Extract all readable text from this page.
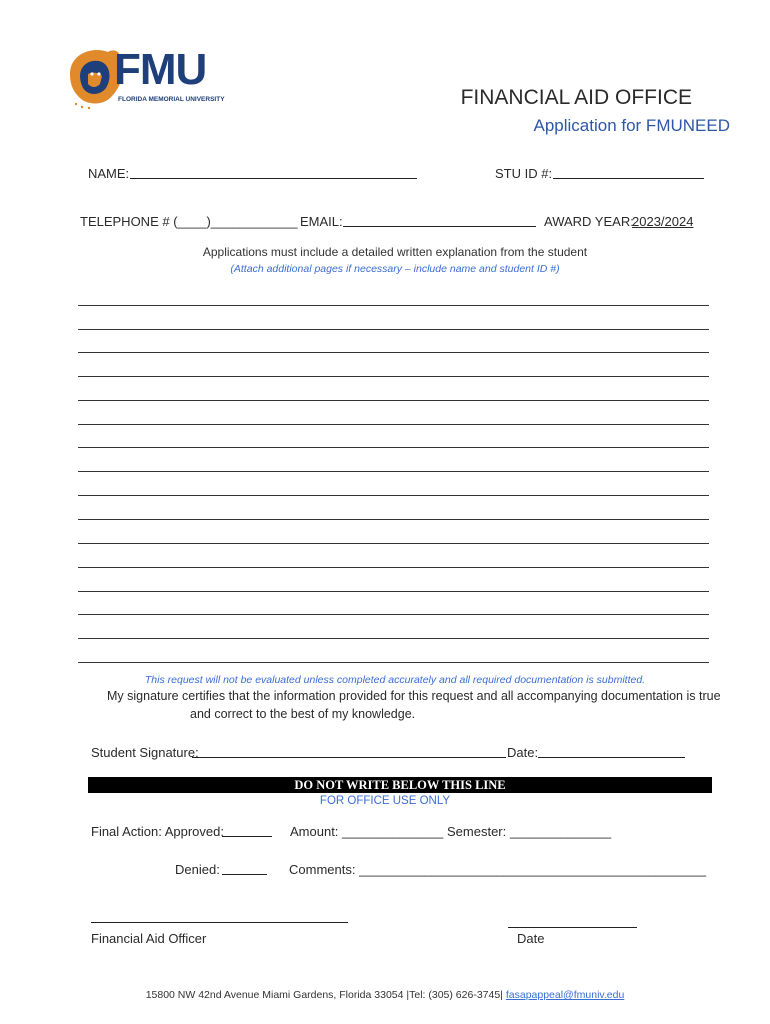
FMU
FLORIDA MEMORIAL UNIVERSITY	FINANCIAL AID OFFICE
Application for FMUNEED
NAME:	STU ID #:
TELEPHONE # (____)____________ EMAIL:	AWARD YEAR:
2023/2024
Applications must include a detailed written explanation from the student
(Attach additional pages if necessary – include name and student ID #)
This request will not be evaluated unless completed accurately and all required documentation is submitted.
My signature certifies that the information provided for this request and all accompanying documentation is true
and correct to the best of my knowledge.
Student Signature:	Date:
DO NOT WRITE BELOW THIS LINE
FOR OFFICE USE ONLY
Final Action: Approved:	Amount: ______________ Semester: ______________
Denied:	Comments: ________________________________________________
Financial Aid Officer	Date
15800 NW 42nd Avenue Miami Gardens, Florida 33054 |Tel: (305) 626-3745| fasapappeal@fmuniv.edu
